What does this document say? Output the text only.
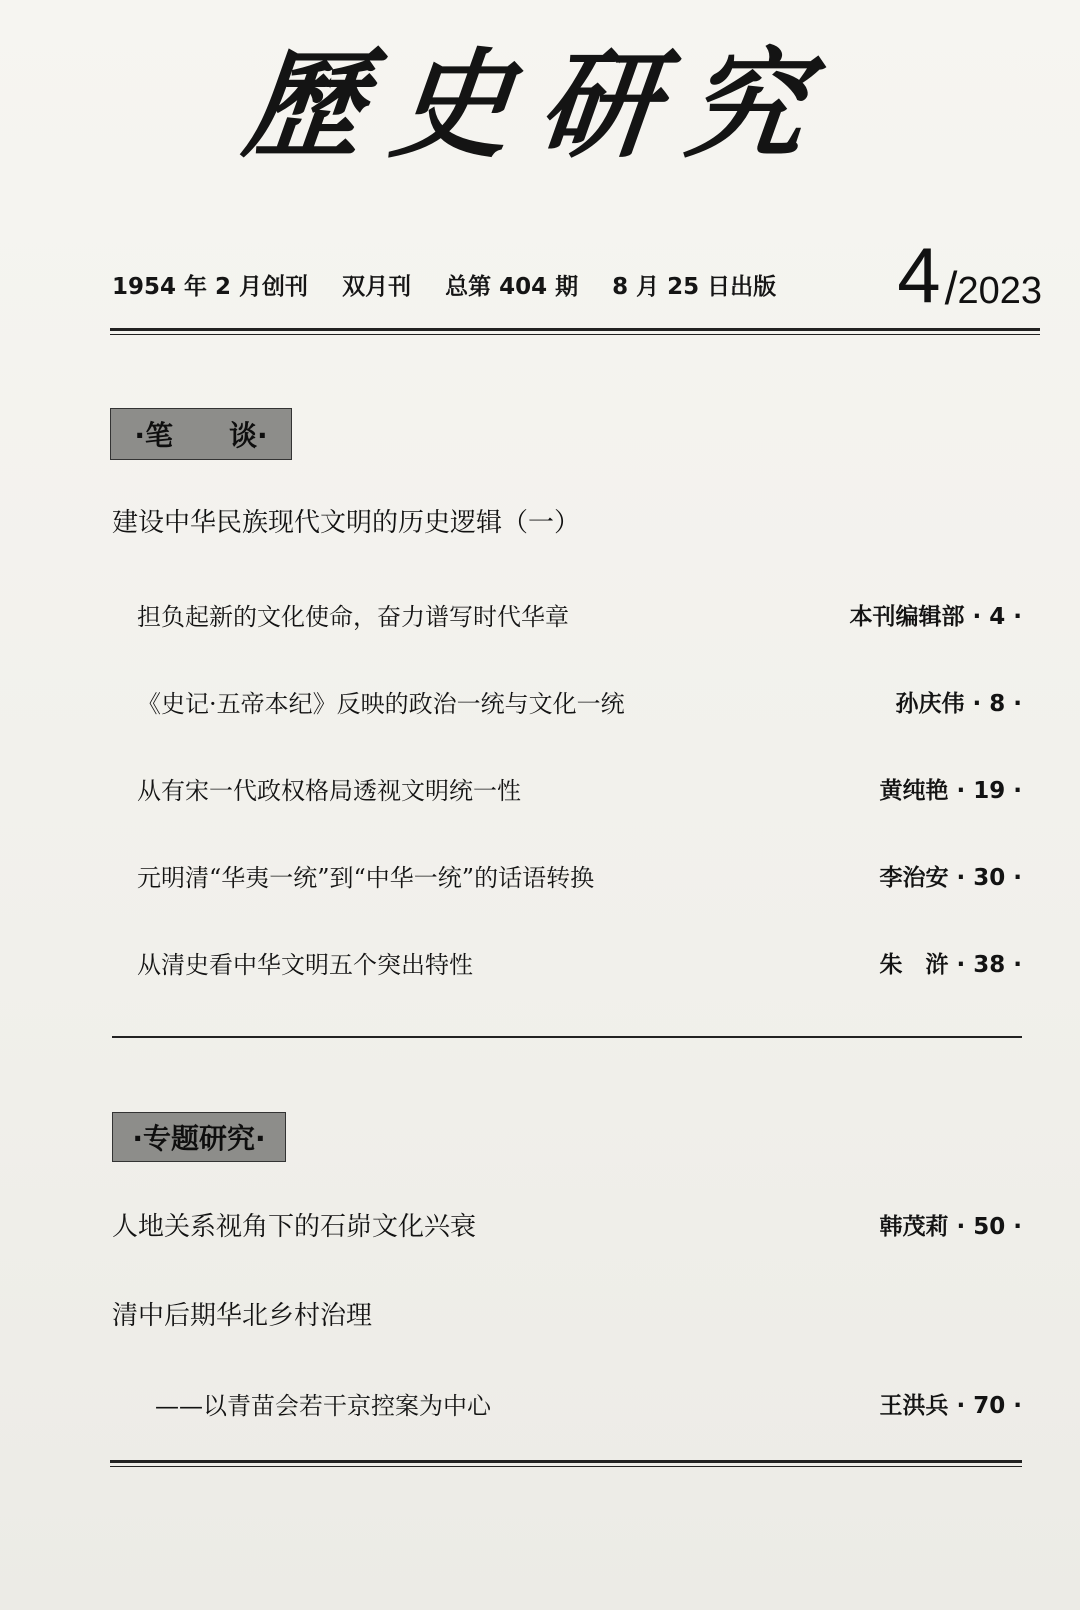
歷 史 研 究
1954 年 2 月创刊 双月刊 总第 404 期 8 月 25 日出版 4 / 2023
·笔　　谈·
建设中华民族现代文明的历史逻辑（一）
担负起新的文化使命，奋力谱写时代华章	本刊编辑部 · 4 ·
《史记·五帝本纪》反映的政治一统与文化一统	孙庆伟 · 8 ·
从有宋一代政权格局透视文明统一性	黄纯艳 · 19 ·
元明清“华夷一统”到“中华一统”的话语转换	李治安 · 30 ·
从清史看中华文明五个突出特性	朱　浒 · 38 ·
·专题研究·
人地关系视角下的石峁文化兴衰	韩茂莉 · 50 ·
清中后期华北乡村治理
——以青苗会若干京控案为中心	王洪兵 · 70 ·
